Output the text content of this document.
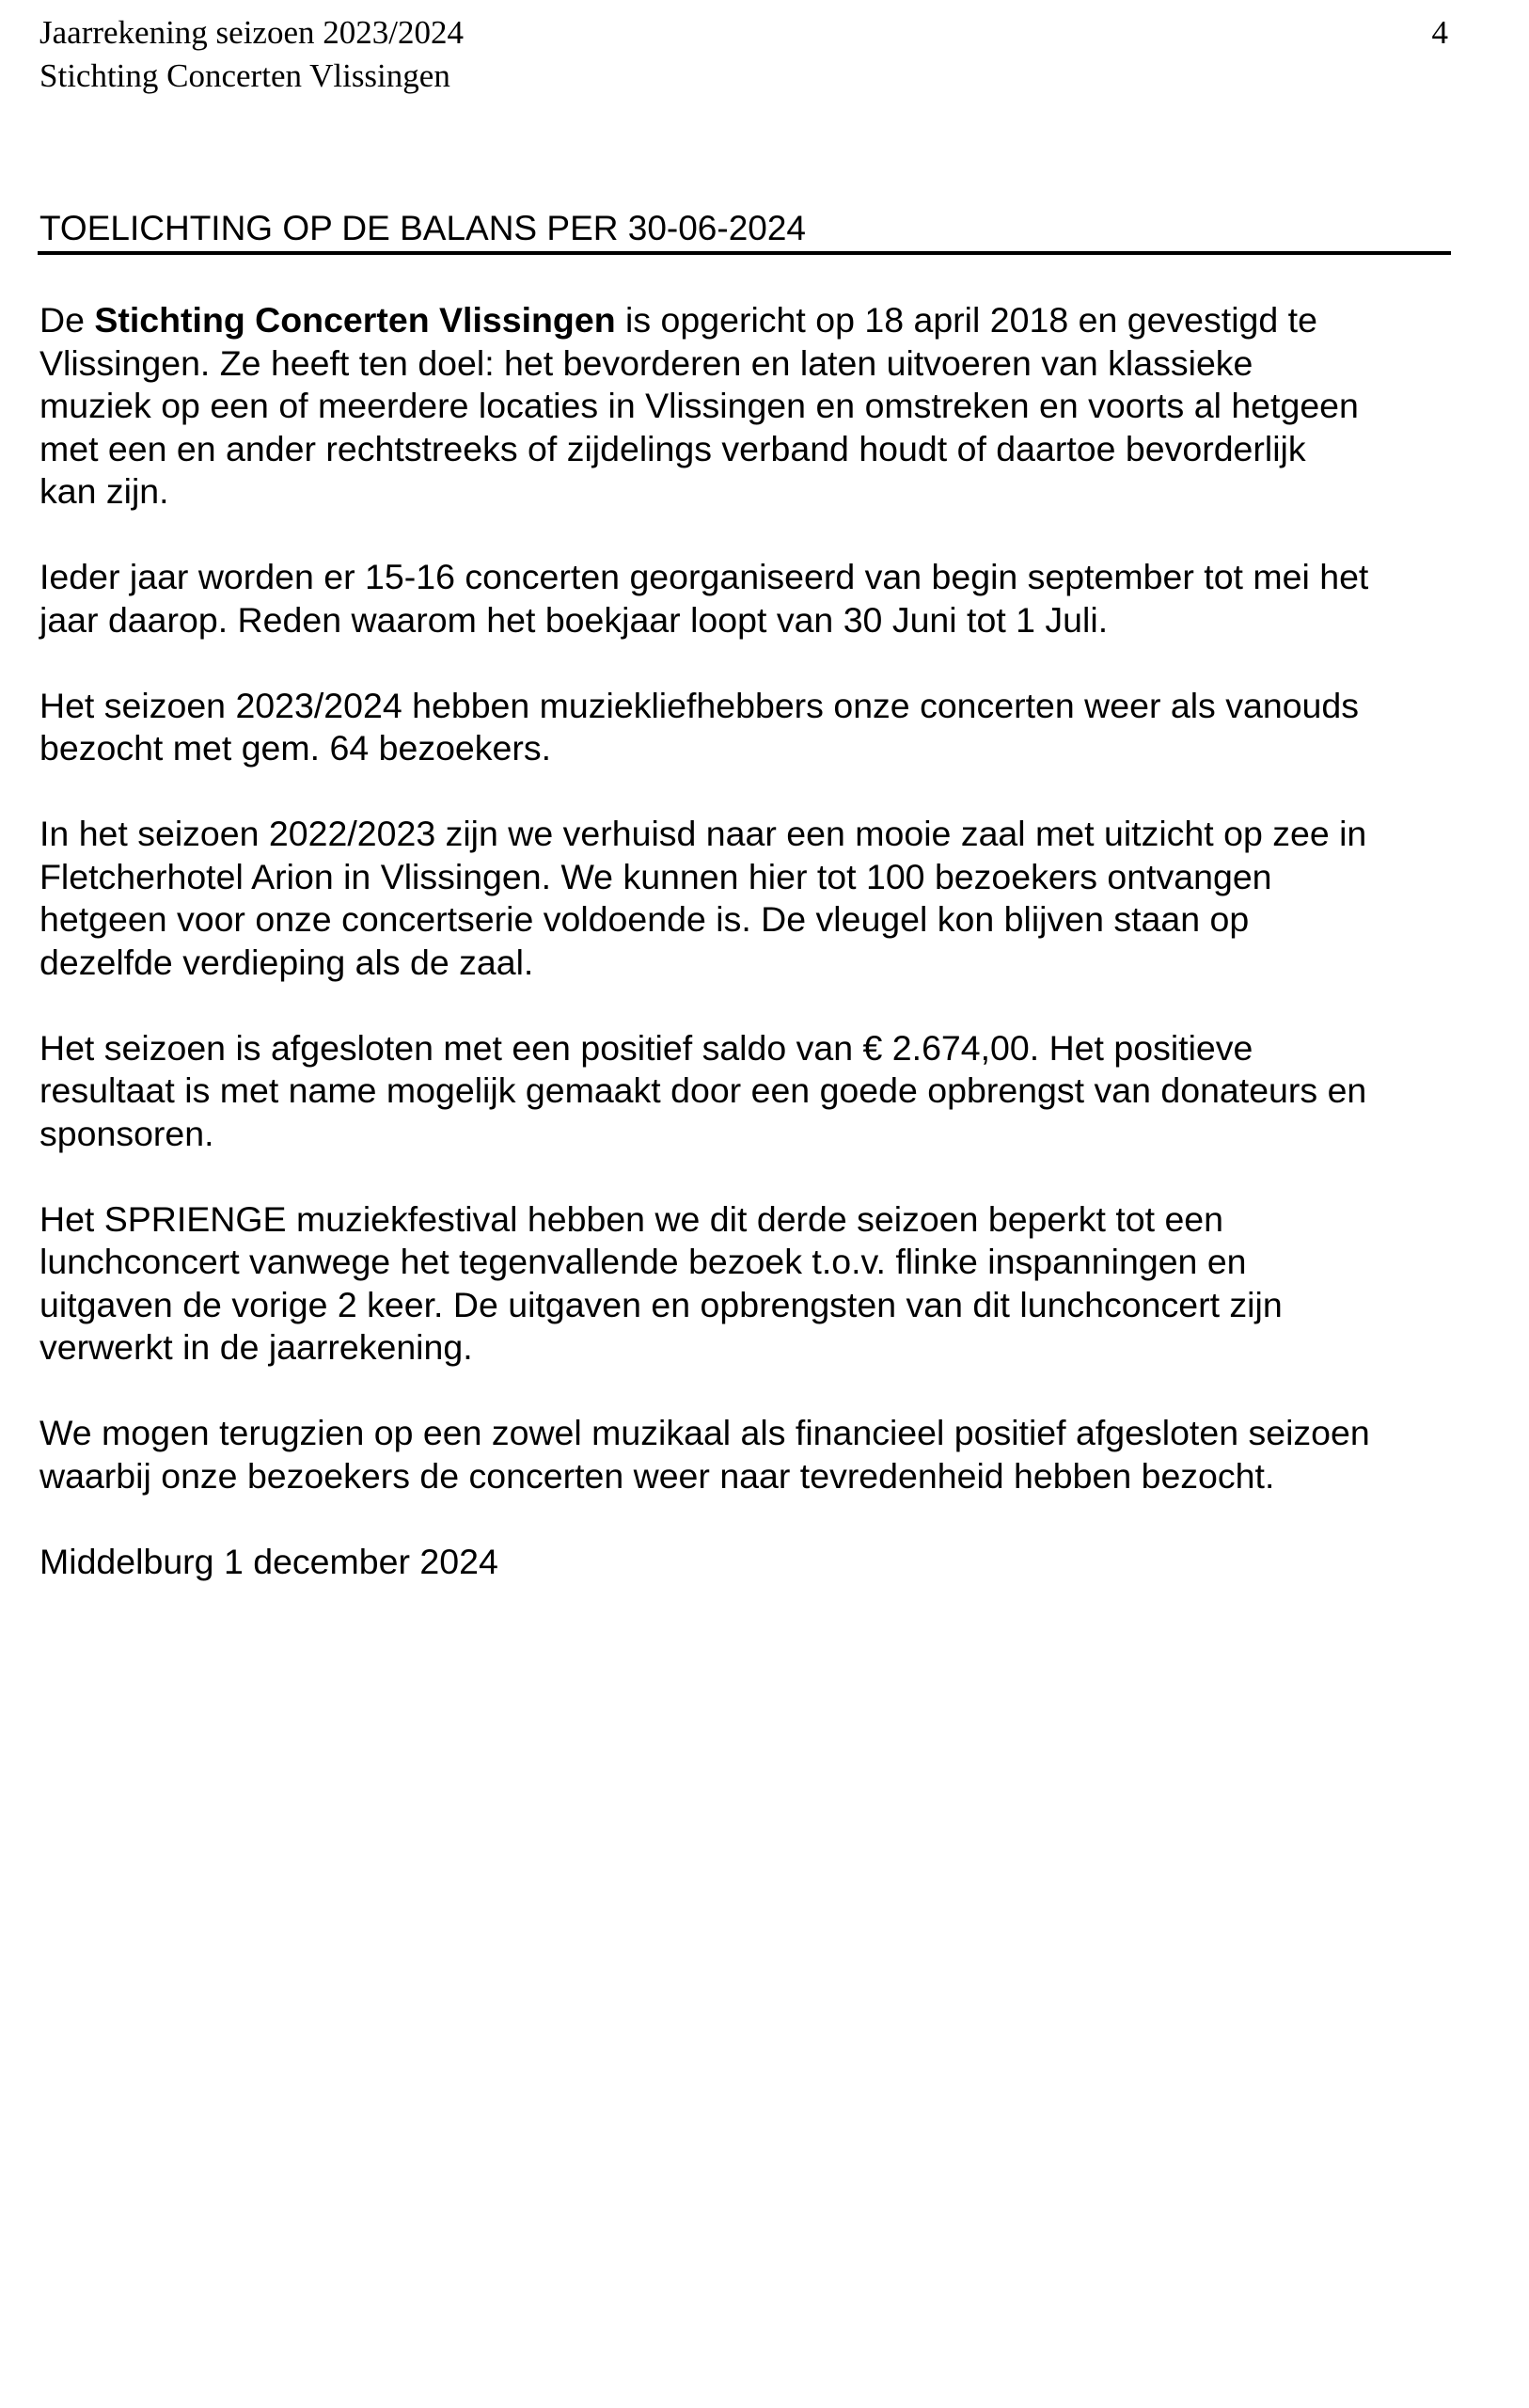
Jaarrekening seizoen 2023/2024
Stichting Concerten Vlissingen
4
TOELICHTING OP DE BALANS PER 30-06-2024

De Stichting Concerten Vlissingen is opgericht op 18 april 2018 en gevestigd te
Vlissingen. Ze heeft ten doel: het bevorderen en laten uitvoeren van klassieke
muziek op een of meerdere locaties in Vlissingen en omstreken en voorts al hetgeen
met een en ander rechtstreeks of zijdelings verband houdt of daartoe bevorderlijk
kan zijn.

Ieder jaar worden er 15-16 concerten georganiseerd van begin september tot mei het
jaar daarop. Reden waarom het boekjaar loopt van 30 Juni tot 1 Juli.

Het seizoen 2023/2024 hebben muziekliefhebbers onze concerten weer als vanouds
bezocht met gem. 64 bezoekers.

In het seizoen 2022/2023 zijn we verhuisd naar een mooie zaal met uitzicht op zee in
Fletcherhotel Arion in Vlissingen. We kunnen hier tot 100 bezoekers ontvangen
hetgeen voor onze concertserie voldoende is. De vleugel kon blijven staan op
dezelfde verdieping als de zaal.

Het seizoen is afgesloten met een positief saldo van € 2.674,00. Het positieve
resultaat is met name mogelijk gemaakt door een goede opbrengst van donateurs en
sponsoren.

Het SPRIENGE muziekfestival hebben we dit derde seizoen beperkt tot een
lunchconcert vanwege het tegenvallende bezoek t.o.v. flinke inspanningen en
uitgaven de vorige 2 keer. De uitgaven en opbrengsten van dit lunchconcert zijn
verwerkt in de jaarrekening.

We mogen terugzien op een zowel muzikaal als financieel positief afgesloten seizoen
waarbij onze bezoekers de concerten weer naar tevredenheid hebben bezocht.

Middelburg 1 december 2024
